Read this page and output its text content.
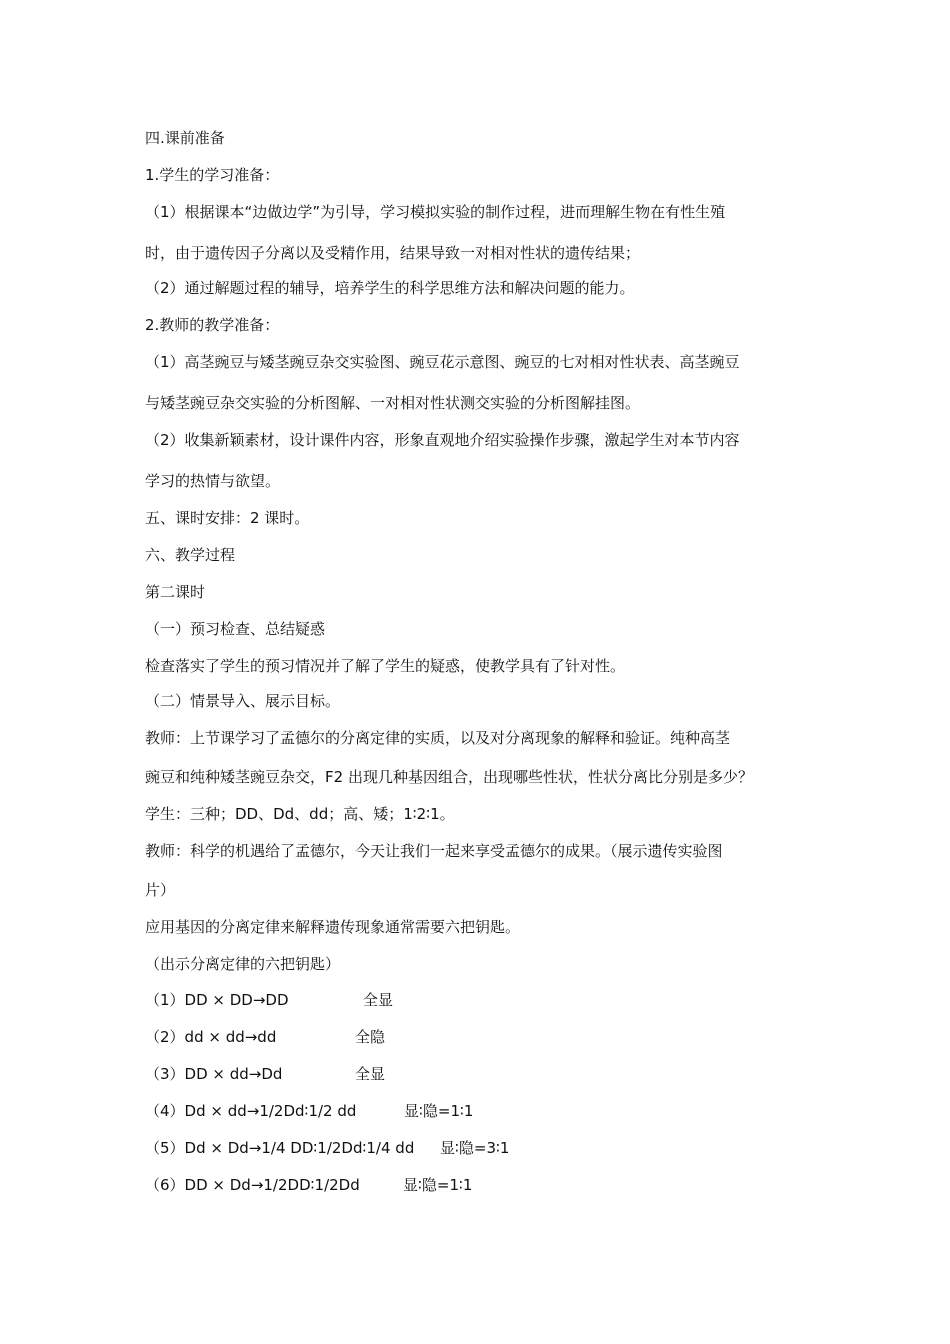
四.课前准备
1.学生的学习准备：
（1）根据课本“边做边学”为引导，学习模拟实验的制作过程，进而理解生物在有性生殖
时，由于遗传因子分离以及受精作用，结果导致一对相对性状的遗传结果；
（2）通过解题过程的辅导，培养学生的科学思维方法和解决问题的能力。
2.教师的教学准备：
（1）高茎豌豆与矮茎豌豆杂交实验图、豌豆花示意图、豌豆的七对相对性状表、高茎豌豆
与矮茎豌豆杂交实验的分析图解、一对相对性状测交实验的分析图解挂图。
（2）收集新颖素材，设计课件内容，形象直观地介绍实验操作步骤，激起学生对本节内容
学习的热情与欲望。
五、课时安排：2 课时。
六、教学过程
第二课时
（一）预习检查、总结疑惑
检查落实了学生的预习情况并了解了学生的疑惑，使教学具有了针对性。
（二）情景导入、展示目标。
教师：上节课学习了孟德尔的分离定律的实质，以及对分离现象的解释和验证。纯种高茎
豌豆和纯种矮茎豌豆杂交，F2 出现几种基因组合，出现哪些性状，性状分离比分别是多少？
学生：三种；DD、Dd、dd；高、矮；1∶2∶1。
教师：科学的机遇给了孟德尔，今天让我们一起来享受孟德尔的成果。（展示遗传实验图
片）
应用基因的分离定律来解释遗传现象通常需要六把钥匙。
（出示分离定律的六把钥匙）
（1）DD × DD→DD	全显
（2）dd × dd→dd	全隐
（3）DD × dd→Dd	全显
（4）Dd × dd→1/2Dd∶1/2 dd	显∶隐=1∶1
（5）Dd × Dd→1/4 DD∶1/2Dd∶1/4 dd 显∶隐=3∶1
（6）DD × Dd→1/2DD∶1/2Dd	显∶隐=1∶1
